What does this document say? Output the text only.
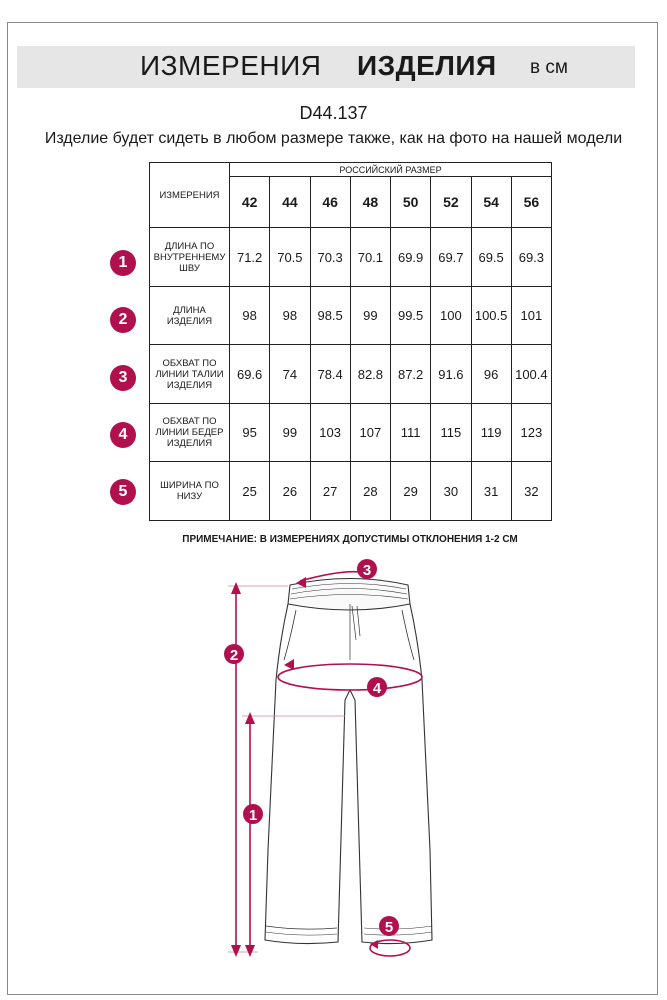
ИЗМЕРЕНИЯ ИЗДЕЛИЯ в см
D44.137
Изделие будет сидеть в любом размере также, как на фото на нашей модели
ИЗМЕРЕНИЯ	РОССИЙСКИЙ РАЗМЕР							
	42	44	46	48	50	52	54	56

ДЛИНА ПО
ВНУТРЕННЕМУ
ШВУ	71.2	70.5	70.3	70.1	69.9	69.7	69.5	69.3

ДЛИНА
ИЗДЕЛИЯ	98	98	98.5	99	99.5	100	100.5	101

ОБХВАТ ПО
ЛИНИИ ТАЛИИ
ИЗДЕЛИЯ	69.6	74	78.4	82.8	87.2	91.6	96	100.4

ОБХВАТ ПО
ЛИНИИ БЕДЕР
ИЗДЕЛИЯ	95	99	103	107	111	115	119	123

ШИРИНА ПО
НИЗУ	25	26	27	28	29	30	31	32
1
2
3
4
5
ПРИМЕЧАНИЕ: В ИЗМЕРЕНИЯХ ДОПУСТИМЫ ОТКЛОНЕНИЯ 1-2 СМ
3
2
4
1
5
